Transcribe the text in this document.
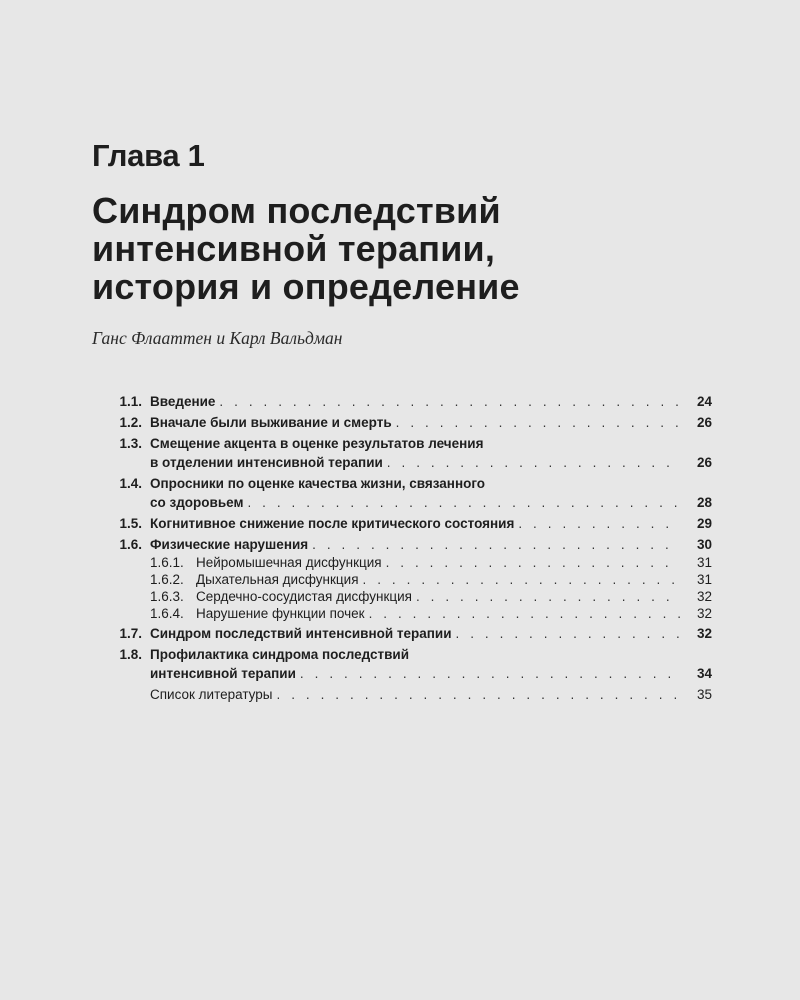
Глава 1
Синдром последствий
интенсивной терапии,
история и определение
Ганс Флааттен и Карл Вальдман
1.1. Введение . . .	24
1.2. Вначале были выживание и смерть . . .	26
1.3. Смещение акцента в оценке результатов лечения
в отделении интенсивной терапии . . .	26
1.4. Опросники по оценке качества жизни, связанного
со здоровьем . . .	28
1.5. Когнитивное снижение после критического состояния . . .	29
1.6. Физические нарушения . . .	30
1.6.1. Нейромышечная дисфункция . . .	31
1.6.2. Дыхательная дисфункция . . .	31
1.6.3. Сердечно-сосудистая дисфункция . . .	32
1.6.4. Нарушение функции почек . . .	32
1.7. Синдром последствий интенсивной терапии . . .	32
1.8. Профилактика синдрома последствий
интенсивной терапии . . .	34
Список литературы . . .	35
